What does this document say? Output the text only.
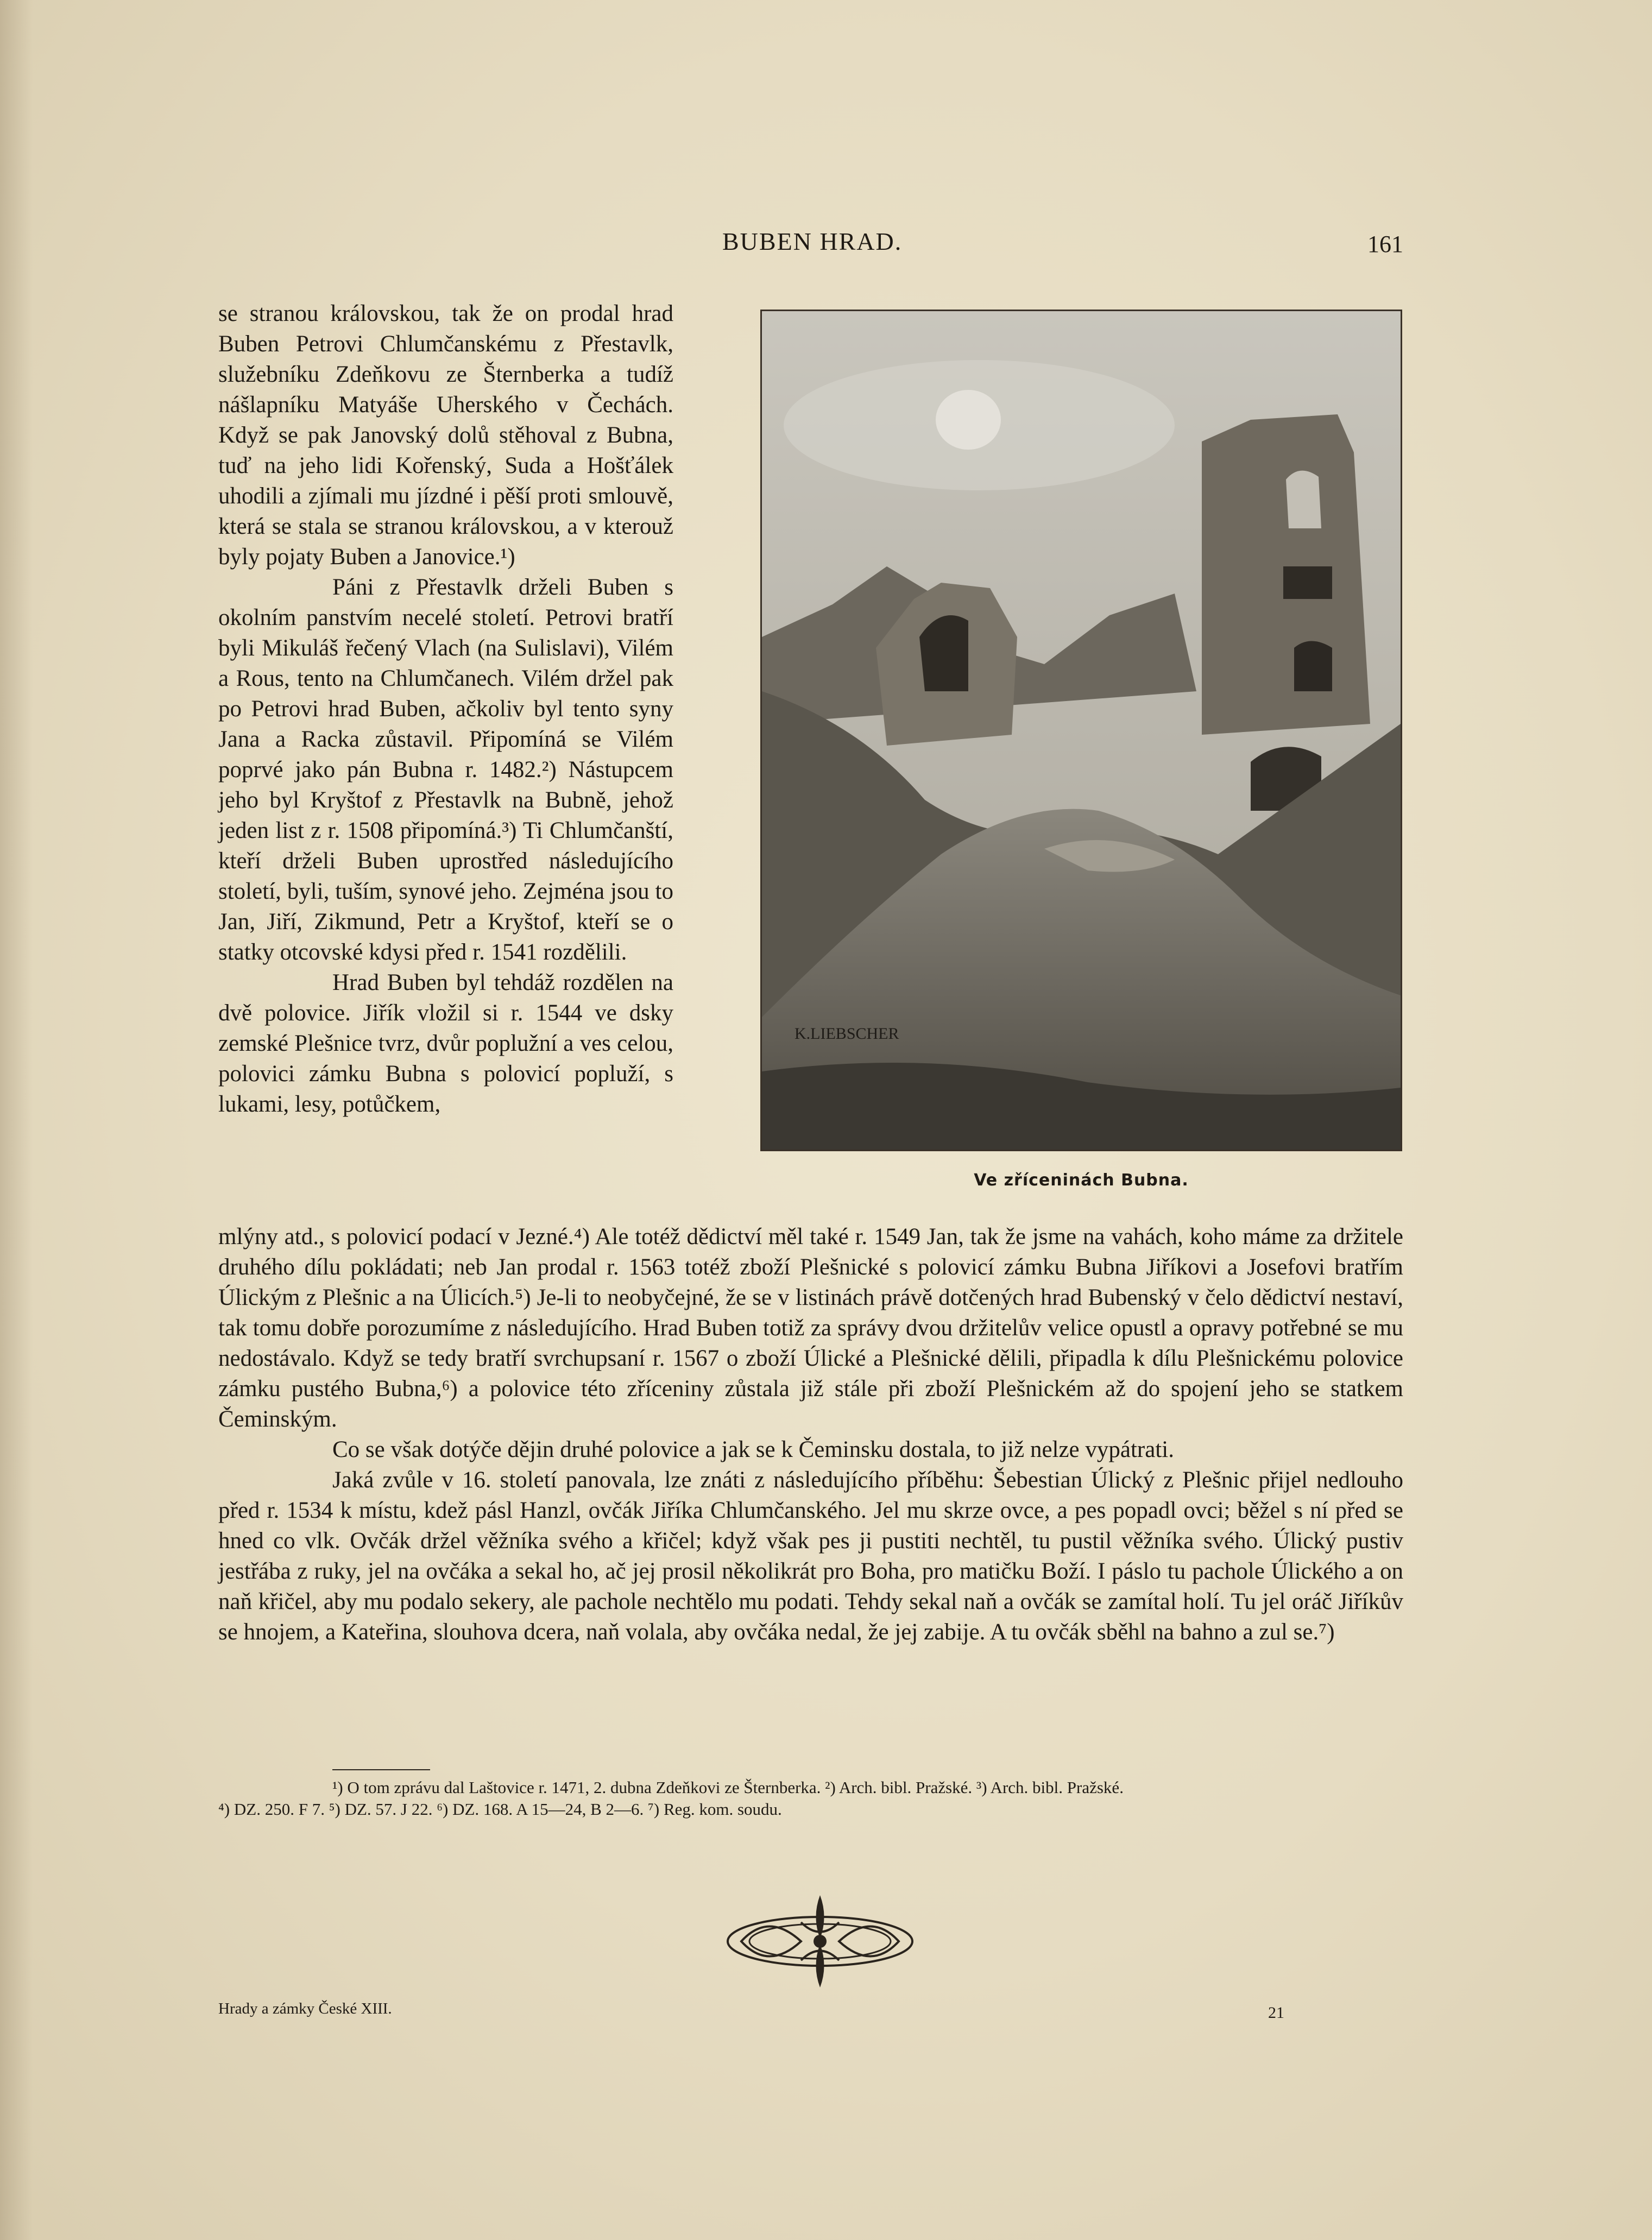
BUBEN HRAD.	161

se stranou královskou, tak že on prodal hrad Buben Petrovi Chlumčanskému z Přestavlk, služebníku Zdeňkovu ze Šternberka a tudíž nášlapníku Matyáše Uherského v Čechách. Když se pak Janovský dolů stěhoval z Bubna, tuď na jeho lidi Kořenský, Suda a Hošťálek uhodili a zjímali mu jízdné i pěší proti smlouvě, která se stala se stranou královskou, a v kterouž byly pojaty Buben a Janovice.¹)

Páni z Přestavlk drželi Buben s okolním panstvím necelé století. Petrovi bratří byli Mikuláš řečený Vlach (na Sulislavi), Vilém a Rous, tento na Chlumčanech. Vilém držel pak po Petrovi hrad Buben, ačkoliv byl tento syny Jana a Racka zůstavil. Připomíná se Vilém poprvé jako pán Bubna r. 1482.²) Nástupcem jeho byl Kryštof z Přestavlk na Bubně, jehož jeden list z r. 1508 připomíná.³) Ti Chlumčanští, kteří drželi Buben uprostřed následujícího století, byli, tuším, synové jeho. Zejména jsou to Jan, Jiří, Zikmund, Petr a Kryštof, kteří se o statky otcovské kdysi před r. 1541 rozdělili.

Hrad Buben byl tehdáž rozdělen na dvě polovice. Jiřík vložil si r. 1544 ve dsky zemské Plešnice tvrz, dvůr poplužní a ves celou, polovici zámku Bubna s polovicí popluží, s lukami, lesy, potůčkem,

K.LIEBSCHER
Ve zříceninách Bubna.

mlýny atd., s polovicí podací v Jezné.⁴) Ale totéž dědictví měl také r. 1549 Jan, tak že jsme na vahách, koho máme za držitele druhého dílu pokládati; neb Jan prodal r. 1563 totéž zboží Plešnické s polovicí zámku Bubna Jiříkovi a Josefovi bratřím Úlickým z Plešnic a na Úlicích.⁵) Je-li to neobyčejné, že se v listinách právě dotčených hrad Bubenský v čelo dědictví nestaví, tak tomu dobře porozumíme z následujícího. Hrad Buben totiž za správy dvou držitelův velice opustl a opravy potřebné se mu nedostávalo. Když se tedy bratří svrchupsaní r. 1567 o zboží Úlické a Plešnické dělili, připadla k dílu Plešnickému polovice zámku pustého Bubna,⁶) a polovice této zříceniny zůstala již stále při zboží Plešnickém až do spojení jeho se statkem Čeminským.

Co se však dotýče dějin druhé polovice a jak se k Čeminsku dostala, to již nelze vypátrati.

Jaká zvůle v 16. století panovala, lze znáti z následujícího příběhu: Šebestian Úlický z Plešnic přijel nedlouho před r. 1534 k místu, kdež pásl Hanzl, ovčák Jiříka Chlumčanského. Jel mu skrze ovce, a pes popadl ovci; běžel s ní před se hned co vlk. Ovčák držel věžníka svého a křičel; když však pes ji pustiti nechtěl, tu pustil věžníka svého. Úlický pustiv jestřába z ruky, jel na ovčáka a sekal ho, ač jej prosil několikrát pro Boha, pro matičku Boží. I páslo tu pachole Úlického a on naň křičel, aby mu podalo sekery, ale pachole nechtělo mu podati. Tehdy sekal naň a ovčák se zamítal holí. Tu jel oráč Jiříkův se hnojem, a Kateřina, slouhova dcera, naň volala, aby ovčáka nedal, že jej zabije. A tu ovčák sběhl na bahno a zul se.⁷)

¹) O tom zprávu dal Laštovice r. 1471, 2. dubna Zdeňkovi ze Šternberka. ²) Arch. bibl. Pražské. ³) Arch. bibl. Pražské.
⁴) DZ. 250. F 7. ⁵) DZ. 57. J 22. ⁶) DZ. 168. A 15—24, B 2—6. ⁷) Reg. kom. soudu.
Hrady a zámky České XIII.	21
